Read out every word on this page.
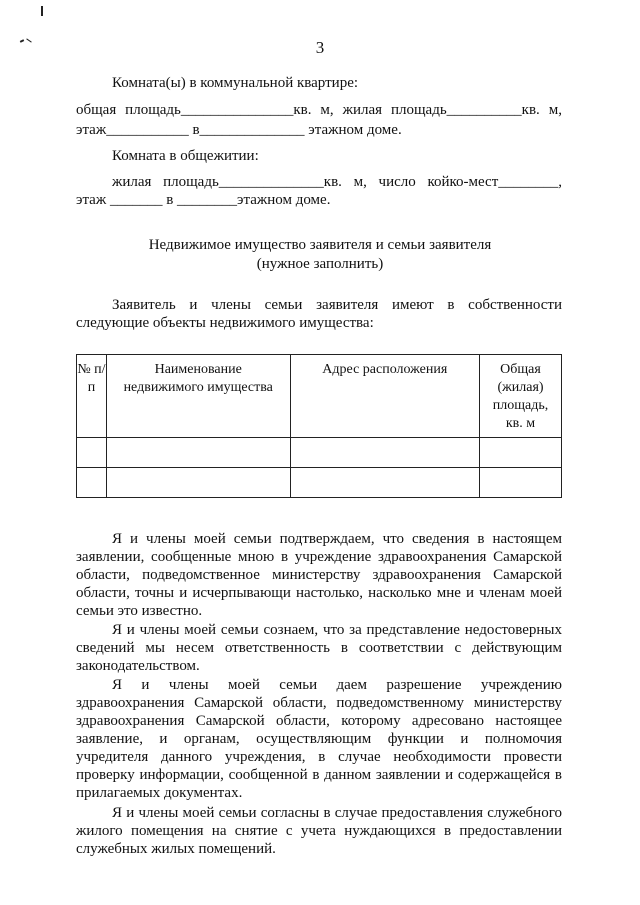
3
Комната(ы) в коммунальной квартире:
общая площадь_______________кв. м, жилая площадь__________кв. м,
этаж___________ в______________ этажном доме.
Комната в общежитии:
жилая площадь______________кв. м, число койко-мест________,
этаж _______ в ________этажном доме.
Недвижимое имущество заявителя и семьи заявителя
(нужное заполнить)
Заявитель и члены семьи заявителя имеют в собственности
следующие объекты недвижимого имущества:
№ п/п	Наименование недвижимого имущества	Адрес расположения	Общая (жилая) площадь, кв. м

Я и члены моей семьи подтверждаем, что сведения в настоящем
заявлении, сообщенные мною в учреждение здравоохранения Самарской
области, подведомственное министерству здравоохранения Самарской
области, точны и исчерпывающи настолько, насколько мне и членам моей
семьи это известно.
Я и члены моей семьи сознаем, что за представление недостоверных
сведений мы несем ответственность в соответствии с действующим
законодательством.
Я и члены моей семьи даем разрешение учреждению
здравоохранения Самарской области, подведомственному министерству
здравоохранения Самарской области, которому адресовано настоящее
заявление, и органам, осуществляющим функции и полномочия
учредителя данного учреждения, в случае необходимости провести
проверку информации, сообщенной в данном заявлении и содержащейся в
прилагаемых документах.
Я и члены моей семьи согласны в случае предоставления служебного
жилого помещения на снятие с учета нуждающихся в предоставлении
служебных жилых помещений.
